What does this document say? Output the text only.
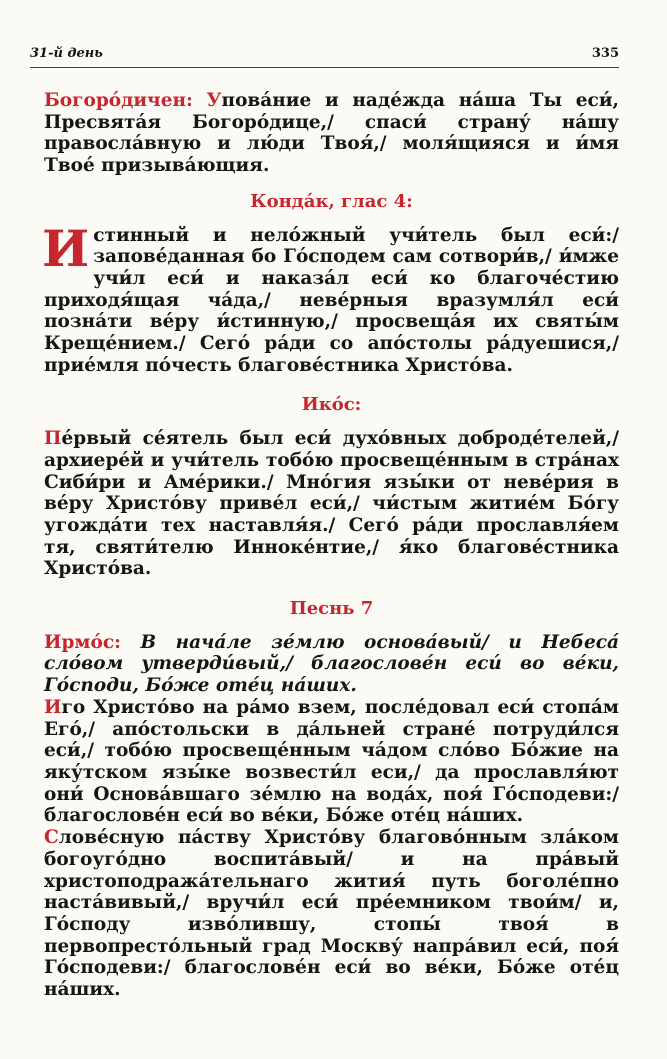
31-й день	335

Богоро́дичен: Упова́ние и наде́жда на́ша Ты еси́, Пресвята́я Богоро́дице,/ спаси́ страну́ на́шу правосла́вную и лю́ди Твоя́,/ моля́щияся и и́мя Твое́ призыва́ющия.

Конда́к, глас 4:

Истинный и нело́жный учи́тель был еси́:/ запове́данная бо Го́сподем сам сотвори́в,/ и́мже учи́л еси́ и наказа́л еси́ ко благоче́стию приходя́щая ча́да,/ неве́рныя вразумля́л еси́ позна́ти ве́ру и́стинную,/ просвеща́я их святы́м Креще́нием./ Сего́ ра́ди со апо́столы ра́дуешися,/ прие́мля по́честь благове́стника Христо́ва.

Ико́с:

Пе́рвый се́ятель был еси́ духо́вных доброде́телей,/ архиере́й и учи́тель тобо́ю просвеще́нным в стра́нах Сиби́ри и Аме́рики./ Мно́гия язы́ки от неве́рия в ве́ру Христо́ву приве́л еси́,/ чи́стым житие́м Бо́гу угожда́ти тех наставля́я./ Сего́ ра́ди прославля́ем тя, святи́телю Инноке́нтие,/ я́ко благове́стника Христо́ва.

Песнь 7

Ирмо́с: В нача́ле зе́млю основа́вый/ и Небеса́ сло́вом утверди́вый,/ благослове́н еси́ во ве́ки, Го́споди, Бо́же оте́ц на́ших.

Иго Христо́во на ра́мо взем, после́довал еси́ стопа́м Его́,/ апо́стольски в да́льней стране́ потруди́лся еси́,/ тобо́ю просвеще́нным ча́дом сло́во Бо́жие на яку́тском язы́ке возвести́л еси,/ да прославля́ют они́ Основа́вшаго зе́млю на вода́х, поя́ Го́сподеви:/ благослове́н еси́ во ве́ки, Бо́же оте́ц на́ших.

Слове́сную па́ству Христо́ву благово́нным зла́ком богоуго́дно воспита́вый/ и на пра́вый христоподража́тельнаго жития́ путь боголе́пно наста́вивый,/ вручи́л еси́ пре́емником твои́м/ и, Го́споду изво́лившу, стопы́ твоя́ в первопресто́льный град Москву́ напра́вил еси́, поя́ Го́сподеви:/ благослове́н еси́ во ве́ки, Бо́же оте́ц на́ших.
